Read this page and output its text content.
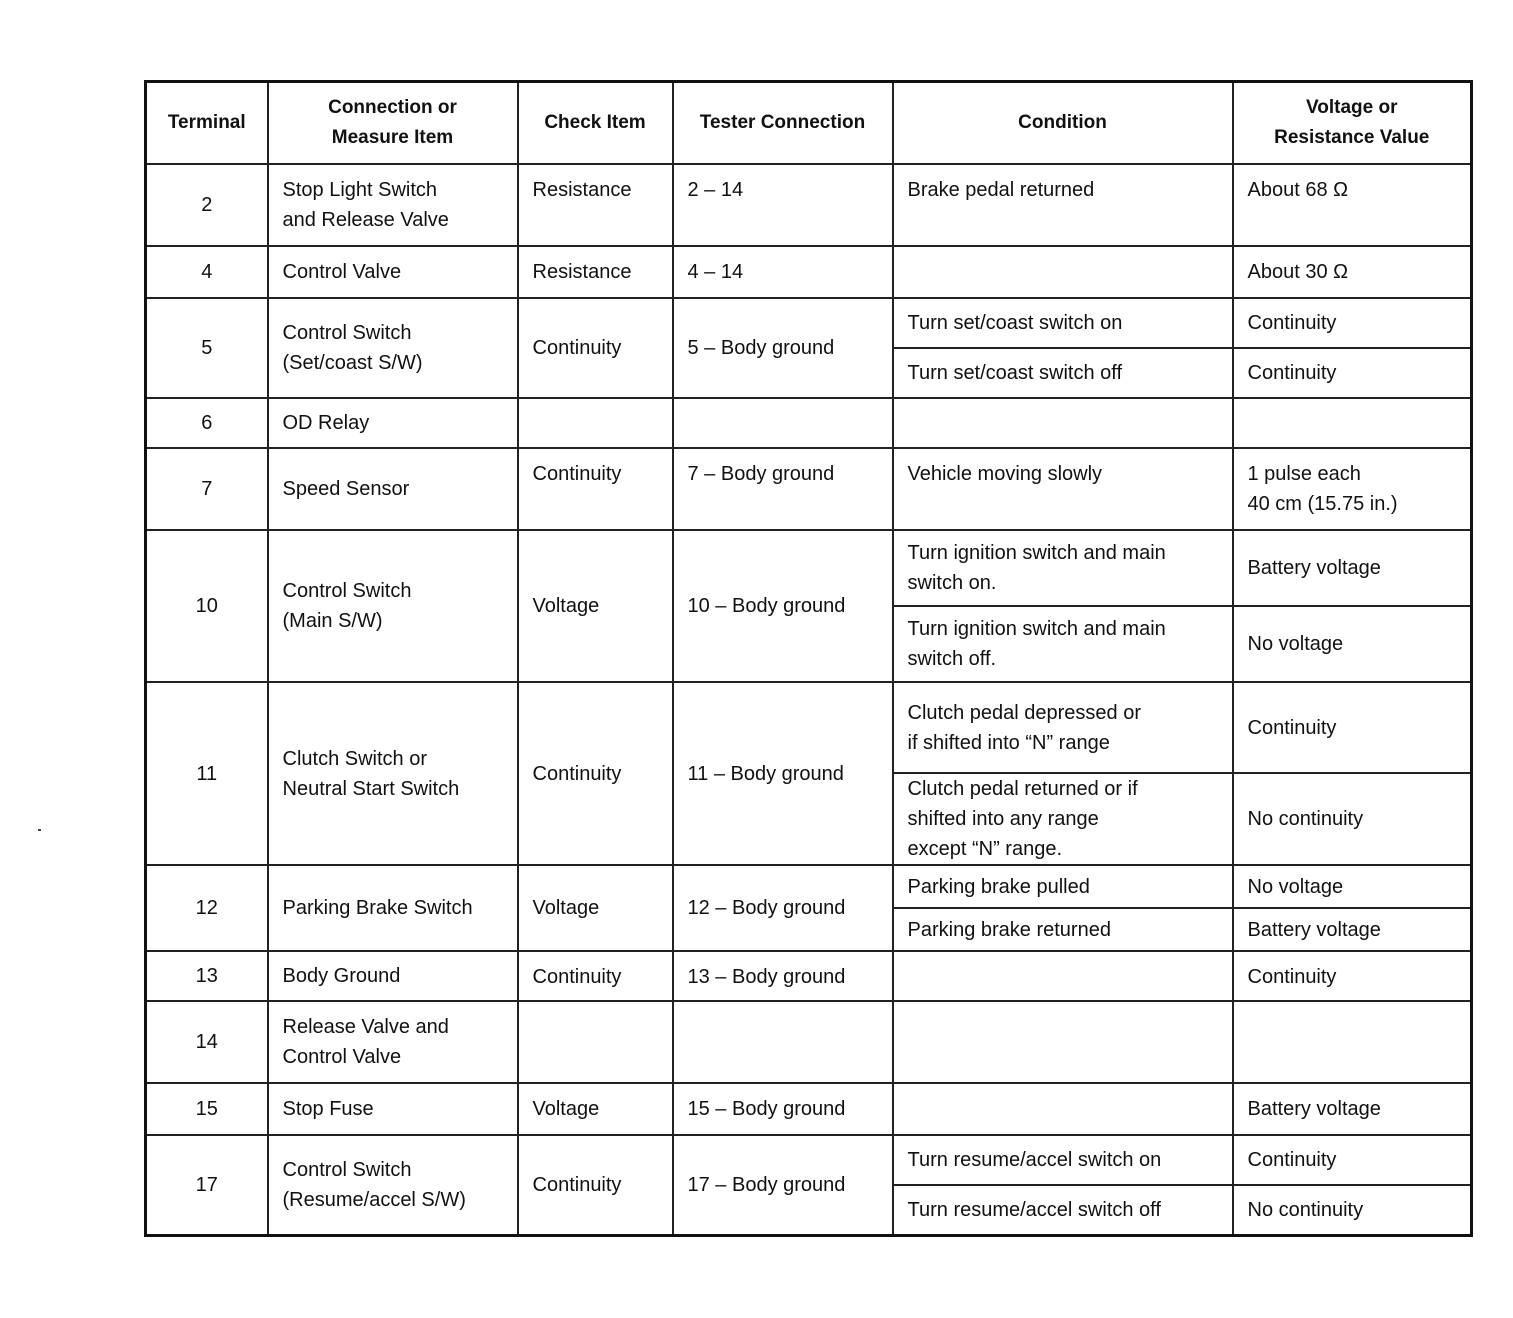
Terminal	Connection or
Measure Item	Check Item	Tester Connection	Condition	Voltage or
Resistance Value
2	Stop Light Switch
and Release Valve	Resistance	2 – 14	Brake pedal returned	About 68 Ω
4	Control Valve	Resistance	4 – 14		About 30 Ω
5	Control Switch
(Set/coast S/W)	Continuity	5 – Body ground	Turn set/coast switch on	Continuity
				Turn set/coast switch off	Continuity
6	OD Relay				
7	Speed Sensor	Continuity	7 – Body ground	Vehicle moving slowly	1 pulse each
40 cm (15.75 in.)
10	Control Switch
(Main S/W)	Voltage	10 – Body ground	Turn ignition switch and main
switch on.	Battery voltage
				Turn ignition switch and main
switch off.	No voltage
11	Clutch Switch or
Neutral Start Switch	Continuity	11 – Body ground	Clutch pedal depressed or
if shifted into “N” range	Continuity
				Clutch pedal returned or if
shifted into any range
except “N” range.	No continuity
12	Parking Brake Switch	Voltage	12 – Body ground	Parking brake pulled	No voltage
				Parking brake returned	Battery voltage
13	Body Ground	Continuity	13 – Body ground		Continuity
14	Release Valve and
Control Valve				
15	Stop Fuse	Voltage	15 – Body ground		Battery voltage
17	Control Switch
(Resume/accel S/W)	Continuity	17 – Body ground	Turn resume/accel switch on	Continuity
				Turn resume/accel switch off	No continuity
